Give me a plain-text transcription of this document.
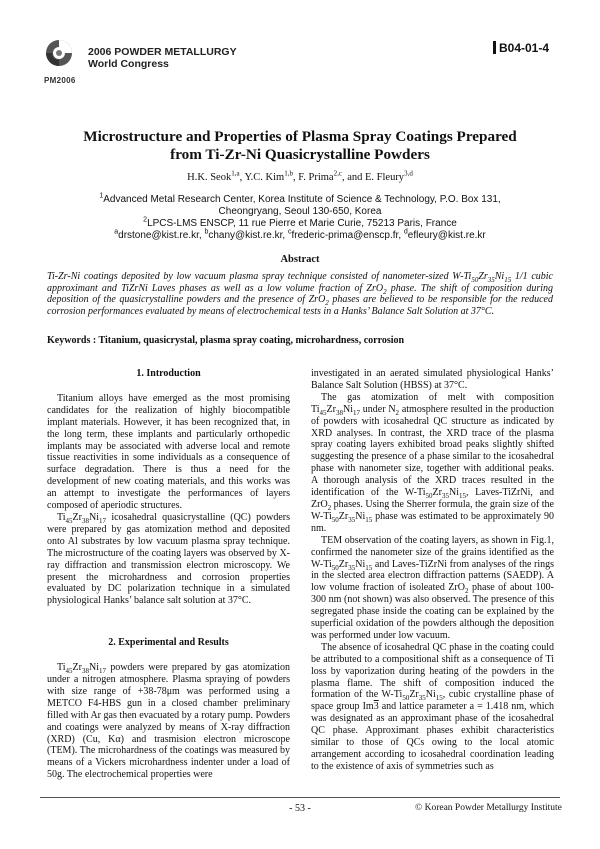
2006 POWDER METALLURGY
World Congress
PM2006
B04-01-4
Microstructure and Properties of Plasma Spray Coatings Prepared
from Ti-Zr-Ni Quasicrystalline Powders
H.K. Seok$^{1,a}$, Y.C. Kim$^{1,b}$, F. Prima$^{2,c}$, and E. Fleury$^{3,d}$
$^1$Advanced Metal Research Center, Korea Institute of Science & Technology, P.O. Box 131,
Cheongryang, Seoul 130-650, Korea
$^2$LPCS-LMS ENSCP, 11 rue Pierre et Marie Curie, 75213 Paris, France
$^a$drstone@kist.re.kr, $^b$chany@kist.re.kr, $^c$frederic-prima@enscp.fr, $^d$efleury@kist.re.kr
Abstract
Ti-Zr-Ni coatings deposited by low vacuum plasma spray technique consisted of nanometer-sized $W-Ti_{50}Zr_{35}Ni_{15}$ 1/1 cubic approximant and TiZrNi Laves phases as well as a low volume fraction of ZrO$_2$ phase. The shift of composition during deposition of the quasicrystalline powders and the presence of ZrO$_2$ phases are believed to be responsible for the reduced corrosion performances evaluated by means of electrochemical tests in a Hanks’ Balance Salt Solution at 37°C.
Keywords : Titanium, quasicrystal, plasma spray coating, microhardness, corrosion
1. Introduction

Titanium alloys have emerged as the most promising candidates for the realization of highly biocompatible implant materials. However, it has been recognized that, in the long term, these implants and particularly orthopedic implants may be associated with adverse local and remote tissue reactivities in some individuals as a consequence of surface degradation. There is thus a need for the development of new coating materials, and this works was an attempt to investigate the performances of layers composed of aperiodic structures.

$Ti_{45}Zr_{38}Ni_{17}$ icosahedral quasicrystalline (QC) powders were prepared by gas atomization method and deposited onto Al substrates by low vacuum plasma spray technique. The microstructure of the coating layers was observed by X-ray diffraction and transmission electron microscopy. We present the microhardness and corrosion properties evaluated by DC polarization technique in a simulated physiological Hanks’ balance salt solution at 37°C.

2. Experimental and Results

$Ti_{45}Zr_{38}Ni_{17}$ powders were prepared by gas atomization under a nitrogen atmosphere. Plasma spraying of powders with size range of +38-78μm was performed using a METCO F4-HBS gun in a closed chamber preliminary filled with Ar gas then evacuated by a rotary pump. Powders and coatings were analyzed by means of X-ray diffraction (XRD) (Cu, Kα) and trasmision electron microscope (TEM). The microhardness of the coatings was measured by means of a Vickers microhardness indenter under a load of 50g. The electrochemical properties were

investigated in an aerated simulated physiological Hanks’ Balance Salt Solution (HBSS) at 37°C.

The gas atomization of melt with composition $Ti_{45}Zr_{38}Ni_{17}$ under $N_2$ atmosphere resulted in the production of powders with icosahedral QC structure as indicated by XRD analyses. In contrast, the XRD trace of the plasma spray coating layers exhibited broad peaks slightly shifted suggesting the presence of a phase similar to the icosahedral phase with nanometer size, together with additional peaks. A thorough analysis of the XRD traces resulted in the identification of the $W-Ti_{50}Zr_{35}Ni_{15}$, Laves-TiZrNi, and ZrO$_2$ phases. Using the Sherrer formula, the grain size of the $W-Ti_{50}Zr_{35}Ni_{15}$ phase was estimated to be approximately 90 nm.

TEM observation of the coating layers, as shown in Fig.1, confirmed the nanometer size of the grains identified as the $W-Ti_{50}Zr_{35}Ni_{15}$ and Laves-TiZrNi from analyses of the rings in the slected area electron diffraction patterns (SAEDP). A low volume fraction of isoleated ZrO$_2$ phase of about 100-300 nm (not shown) was also observed. The presence of this segregated phase inside the coating can be explained by the superficial oxidation of the powders although the deposition was performed under low vacuum.

The absence of icosahedral QC phase in the coating could be attributed to a compositional shift as a consequence of Ti loss by vaporization during heating of the powders in the plasma flame. The shift of composition induced the formation of the $W-Ti_{50}Zr_{35}Ni_{15}$, cubic crystalline phase of space group Im3 and lattice parameter a = 1.418 nm, which was designated as an approximant phase of the icosahedral QC phase. Approximant phases exhibit characteristics similar to those of QCs owing to the local atomic arrangement according to icosahedral coordination leading to the existence of axis of symmetries such as

- 53 -	© Korean Powder Metallurgy Institute
